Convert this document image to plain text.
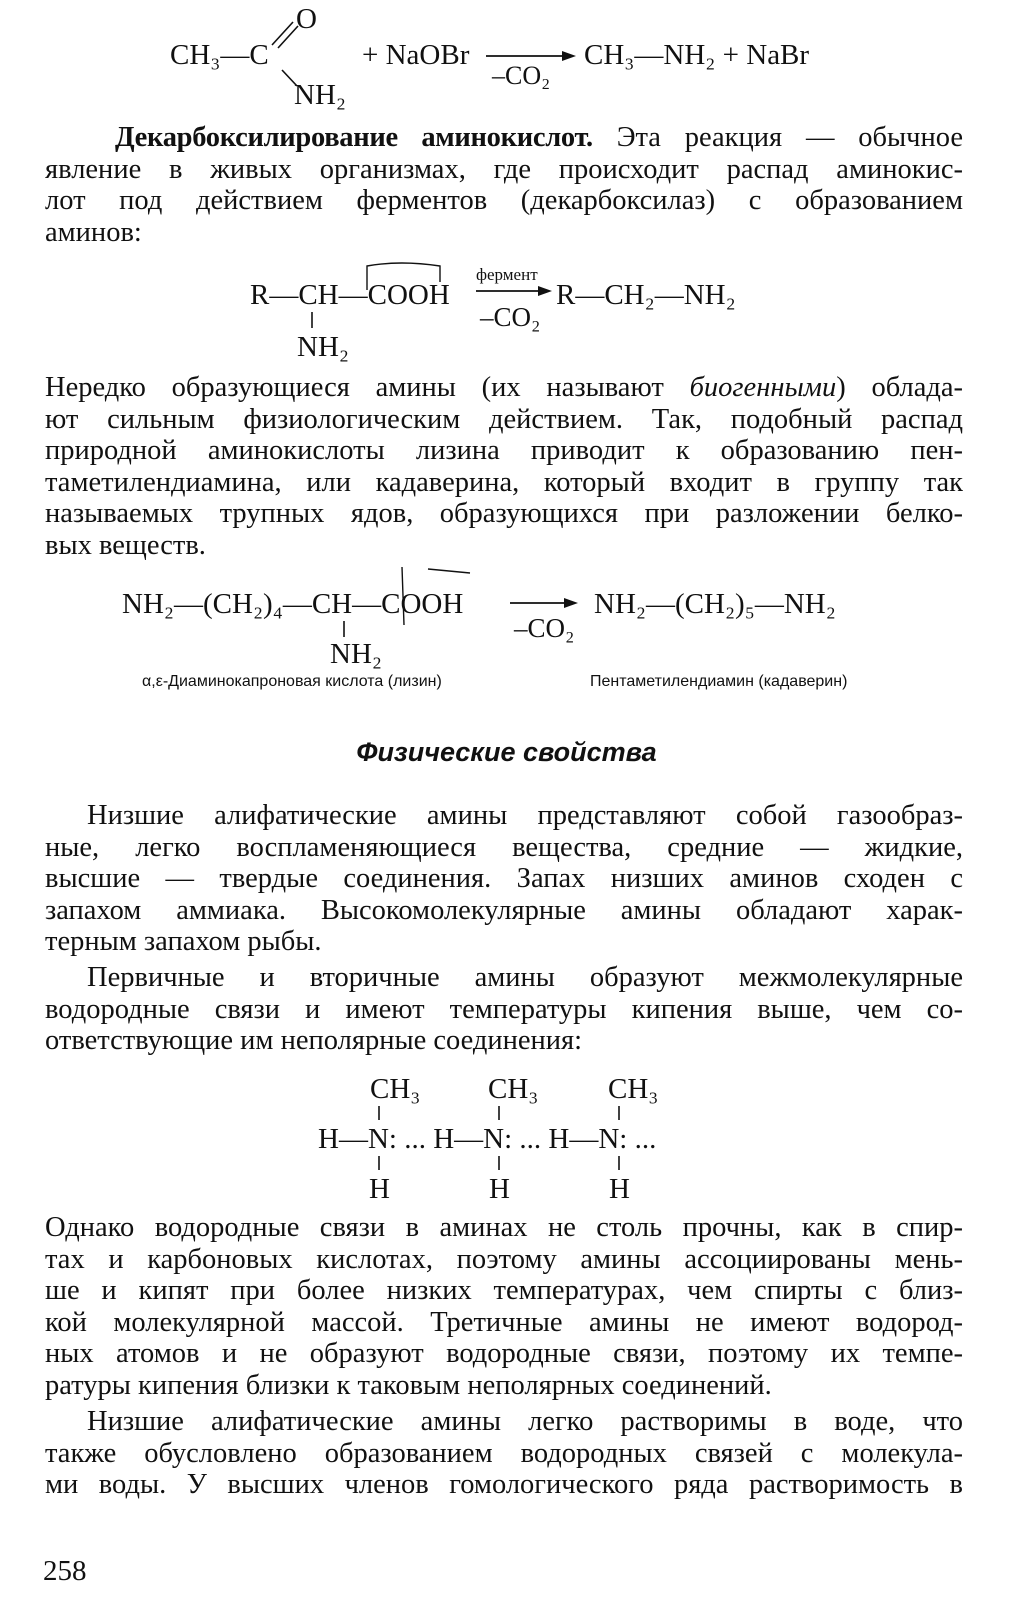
CH₃—C
O
NH₂
+ NaOBr
–CO₂
CH₃—NH₂ + NaBr
Декарбоксилирование аминокислот. Эта реакция — обычное
явление в живых организмах, где происходит распад аминокис-
лот под действием ферментов (декарбоксилаз) с образованием
аминов:
R—CH—COOH
NH₂
фермент
–CO₂
R—CH₂—NH₂
Нередко образующиеся амины (их называют биогенными) облада-
ют сильным физиологическим действием. Так, подобный распад
природной аминокислоты лизина приводит к образованию пен-
таметилендиамина, или кадаверина, который входит в группу так
называемых трупных ядов, образующихся при разложении белко-
вых веществ.
NH₂—(CH₂)₄—CH—COOH
NH₂
–CO₂
NH₂—(CH₂)₅—NH₂
α,ε-Диаминокапроновая кислота (лизин)	Пентаметилендиамин (кадаверин)
Физические свойства
Низшие алифатические амины представляют собой газообраз-
ные, легко воспламеняющиеся вещества, средние — жидкие,
высшие — твердые соединения. Запах низших аминов сходен с
запахом аммиака. Высокомолекулярные амины обладают харак-
терным запахом рыбы.
Первичные и вторичные амины образуют межмолекулярные
водородные связи и имеют температуры кипения выше, чем со-
ответствующие им неполярные соединения:
CH₃ CH₃ CH₃
H—N: ... H—N: ... H—N: ...
H	H	H
Однако водородные связи в аминах не столь прочны, как в спир-
тах и карбоновых кислотах, поэтому амины ассоциированы мень-
ше и кипят при более низких температурах, чем спирты с близ-
кой молекулярной массой. Третичные амины не имеют водород-
ных атомов и не образуют водородные связи, поэтому их темпе-
ратуры кипения близки к таковым неполярных соединений.
Низшие алифатические амины легко растворимы в воде, что
также обусловлено образованием водородных связей с молекула-
ми воды. У высших членов гомологического ряда растворимость в
258
